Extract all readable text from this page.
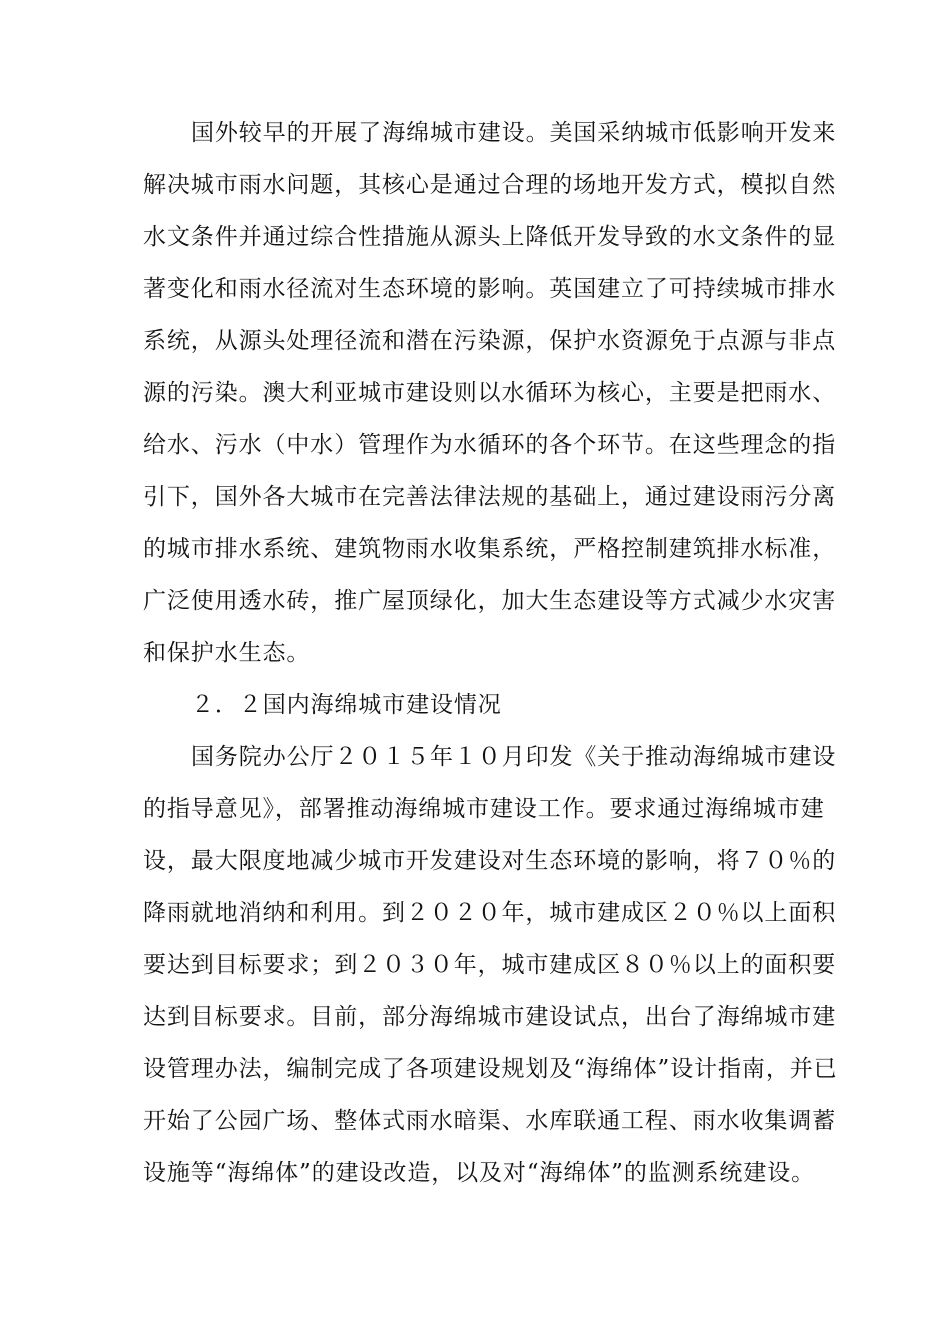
国外较早的开展了海绵城市建设。美国采纳城市低影响开发来
解决城市雨水问题，其核心是通过合理的场地开发方式，模拟自然
水文条件并通过综合性措施从源头上降低开发导致的水文条件的显
著变化和雨水径流对生态环境的影响。英国建立了可持续城市排水
系统，从源头处理径流和潜在污染源，保护水资源免于点源与非点
源的污染。澳大利亚城市建设则以水循环为核心，主要是把雨水、
给水、污水（中水）管理作为水循环的各个环节。在这些理念的指
引下，国外各大城市在完善法律法规的基础上，通过建设雨污分离
的城市排水系统、建筑物雨水收集系统，严格控制建筑排水标准，
广泛使用透水砖，推广屋顶绿化，加大生态建设等方式减少水灾害
和保护水生态。
２．２国内海绵城市建设情况
国务院办公厅２０１５年１０月印发《关于推动海绵城市建设
的指导意见》，部署推动海绵城市建设工作。要求通过海绵城市建
设，最大限度地减少城市开发建设对生态环境的影响，将７０％的
降雨就地消纳和利用。到２０２０年，城市建成区２０％以上面积
要达到目标要求；到２０３０年，城市建成区８０％以上的面积要
达到目标要求。目前，部分海绵城市建设试点，出台了海绵城市建
设管理办法，编制完成了各项建设规划及“海绵体”设计指南，并已
开始了公园广场、整体式雨水暗渠、水库联通工程、雨水收集调蓄
设施等“海绵体”的建设改造，以及对“海绵体”的监测系统建设。
